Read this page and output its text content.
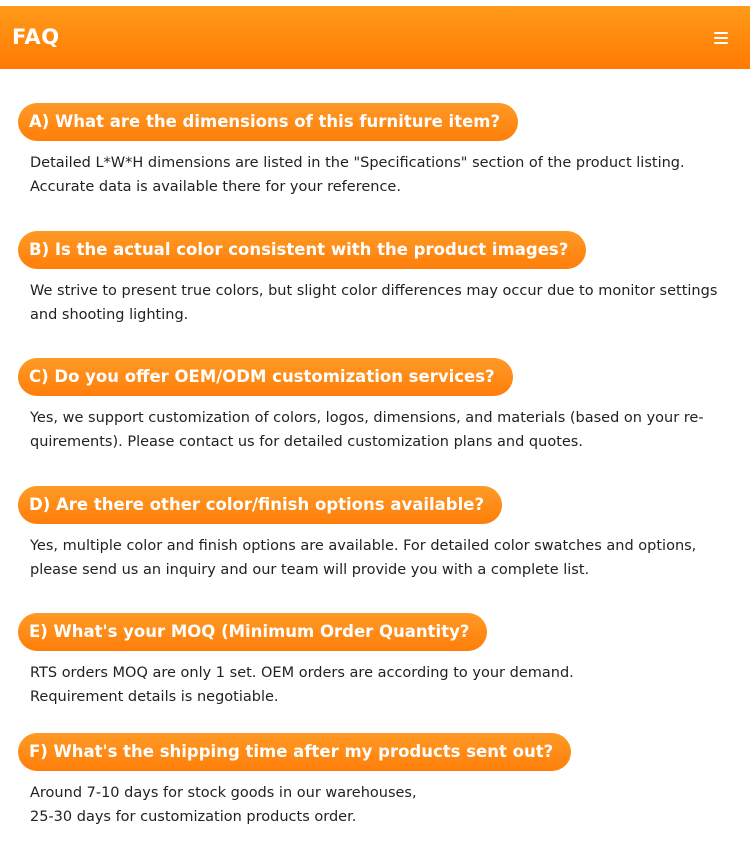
FAQ
A) What are the dimensions of this furniture item?
Detailed L*W*H dimensions are listed in the "Specifications" section of the product listing. Accurate data is available there for your reference.
B) Is the actual color consistent with the product images?
We strive to present true colors, but slight color differences may occur due to monitor settings and shooting lighting.
C) Do you offer OEM/ODM customization services?
Yes, we support customization of colors, logos, dimensions, and materials (based on your re-quirements). Please contact us for detailed customization plans and quotes.
D) Are there other color/finish options available?
Yes, multiple color and finish options are available. For detailed color swatches and options, please send us an inquiry and our team will provide you with a complete list.
E) What's your MOQ (Minimum Order Quantity?
RTS orders MOQ are only 1 set. OEM orders are according to your demand. Requirement details is negotiable.
F) What's the shipping time after my products sent out?
Around 7-10 days for stock goods in our warehouses, 25-30 days for customization products order.
